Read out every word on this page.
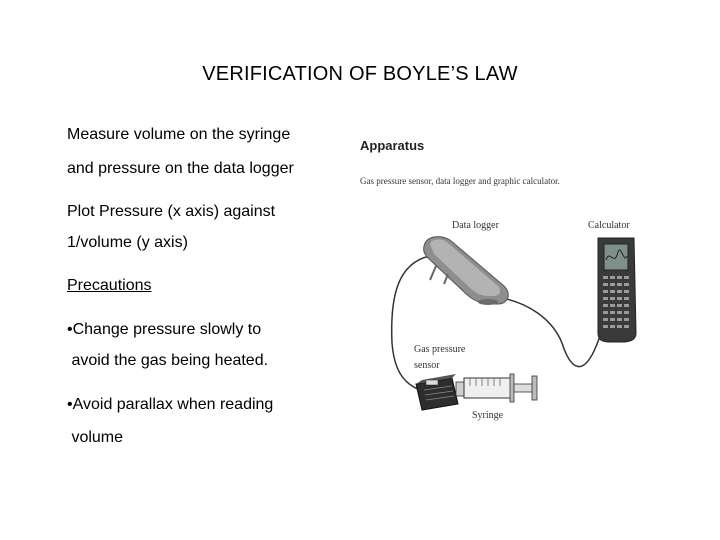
VERIFICATION OF BOYLE’S LAW
Measure volume on the syringe
and pressure on the data logger
Plot Pressure (x axis) against
1/volume (y axis)
Precautions
•Change pressure slowly to
avoid the gas being heated.
•Avoid parallax when reading
volume
Apparatus
Gas pressure sensor, data logger and graphic calculator.
Data logger	Calculator
Gas pressure
sensor
Syringe
